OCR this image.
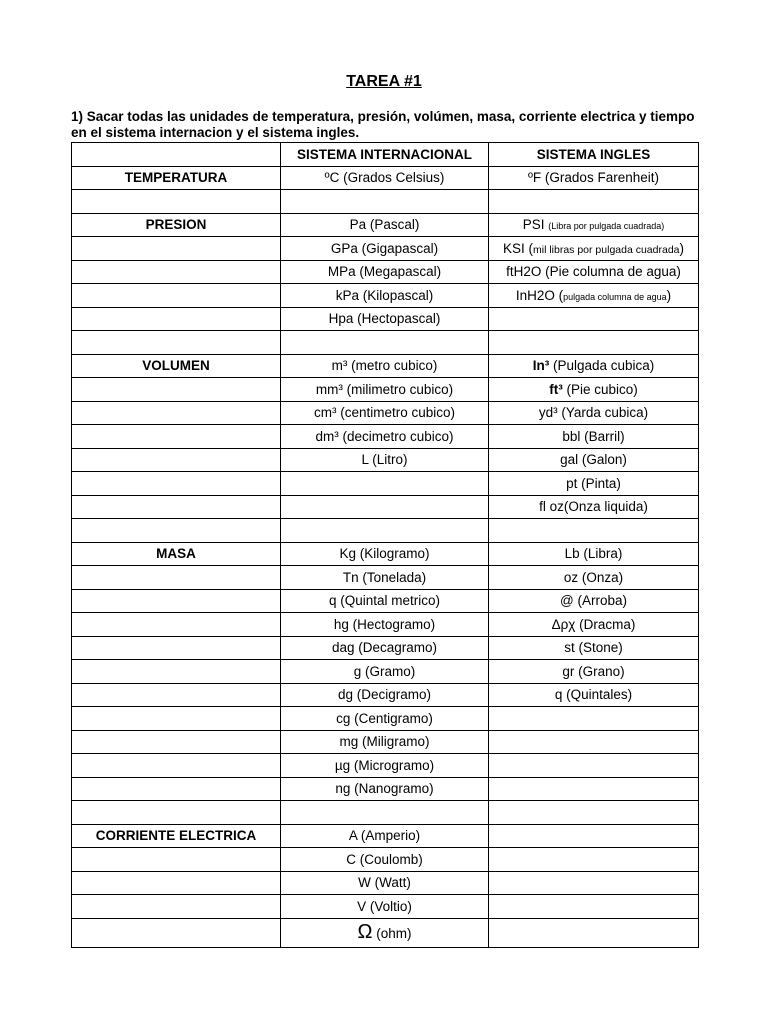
TAREA #1
1) Sacar todas las unidades de temperatura, presión, volúmen, masa, corriente electrica y tiempo en el sistema internacion y el sistema ingles.
	SISTEMA INTERNACIONAL	SISTEMA INGLES
TEMPERATURA	ºC (Grados Celsius)	ºF (Grados Farenheit)

PRESION	Pa (Pascal)	PSI (Libra por pulgada cuadrada)
	GPa (Gigapascal)	KSI (mil libras por pulgada cuadrada)
	MPa (Megapascal)	ftH2O (Pie columna de agua)
	kPa (Kilopascal)	InH2O (pulgada columna de agua)
	Hpa (Hectopascal)	

VOLUMEN	m³ (metro cubico)	In³ (Pulgada cubica)
	mm³ (milimetro cubico)	ft³ (Pie cubico)
	cm³ (centimetro cubico)	yd³ (Yarda cubica)
	dm³ (decimetro cubico)	bbl (Barril)
	L (Litro)	gal (Galon)
		pt (Pinta)
		fl oz(Onza liquida)

MASA	Kg (Kilogramo)	Lb (Libra)
	Tn (Tonelada)	oz (Onza)
	q (Quintal metrico)	@ (Arroba)
	hg (Hectogramo)	Δρχ (Dracma)
	dag (Decagramo)	st (Stone)
	g (Gramo)	gr (Grano)
	dg (Decigramo)	q (Quintales)
	cg (Centigramo)	
	mg (Miligramo)	
	µg (Microgramo)	
	ng (Nanogramo)	

CORRIENTE ELECTRICA	A (Amperio)	
	C (Coulomb)	
	W (Watt)	
	V (Voltio)	
	Ω (ohm)	
